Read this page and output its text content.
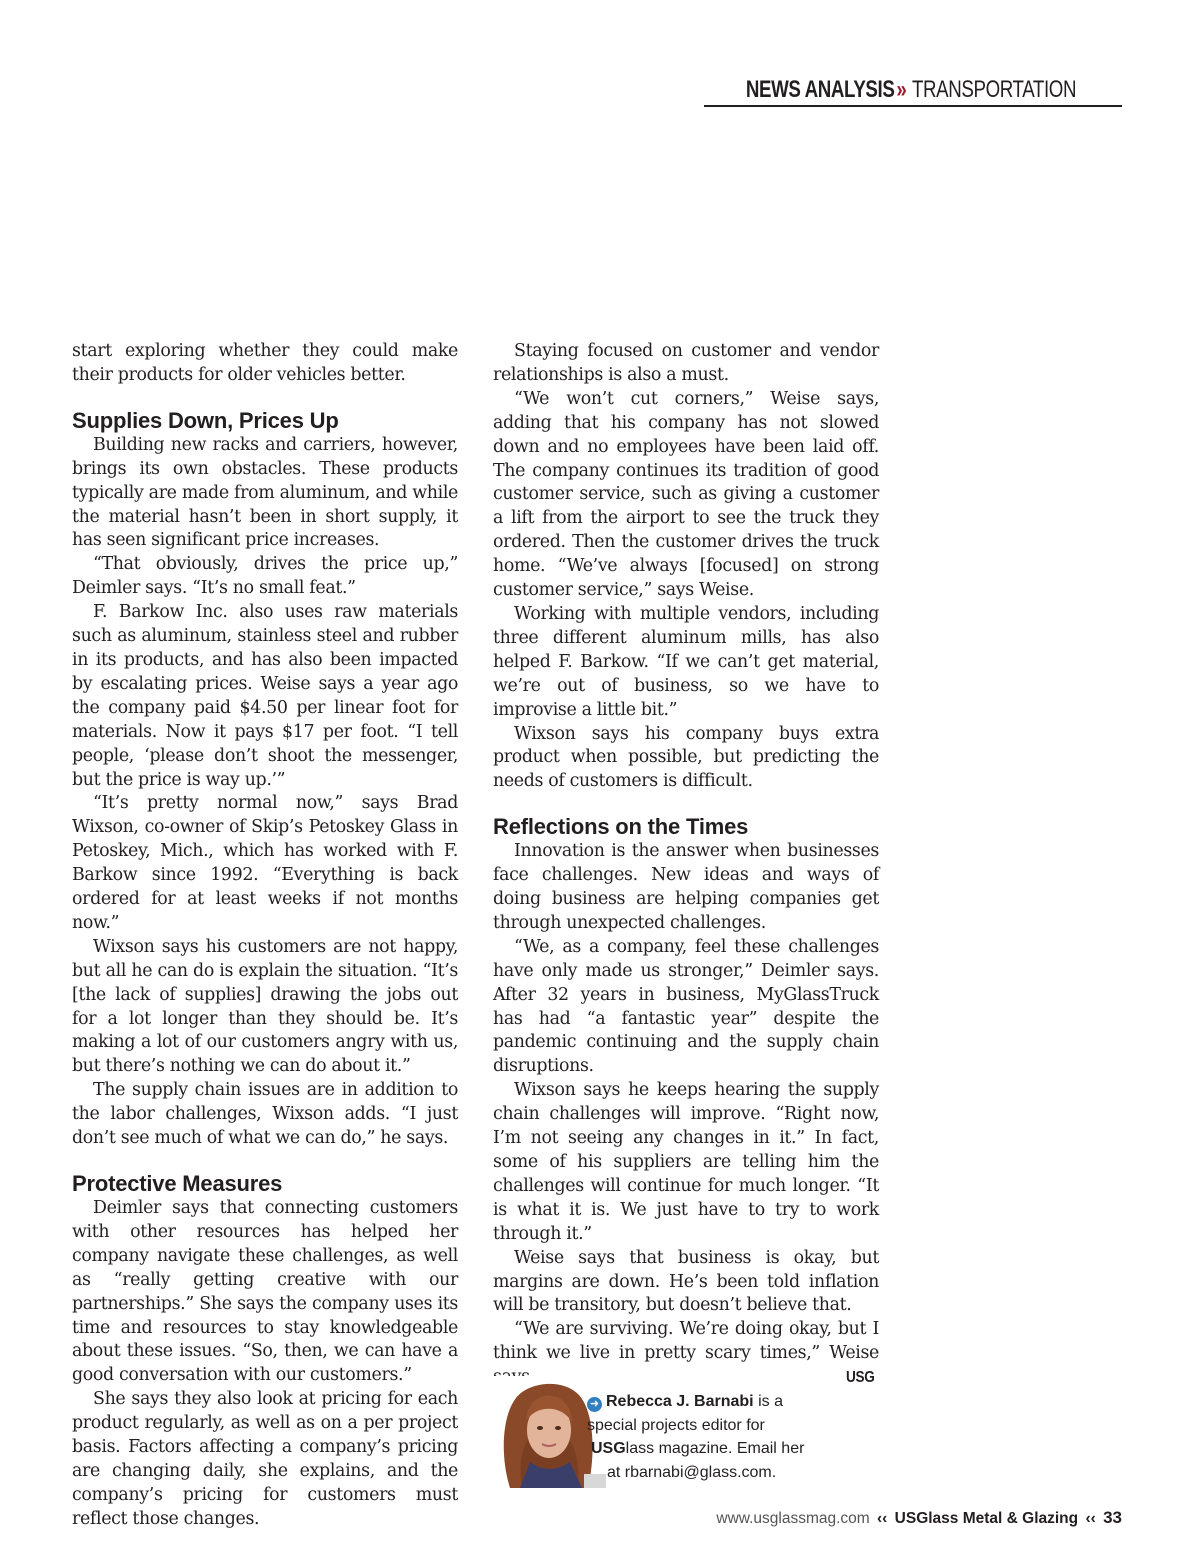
NEWS ANALYSIS » TRANSPORTATION

start exploring whether they could make their products for older vehicles better.

Supplies Down, Prices Up

Building new racks and carriers, however, brings its own obstacles. These products typically are made from aluminum, and while the material hasn’t been in short supply, it has seen significant price increases.

“That obviously, drives the price up,” Deimler says. “It’s no small feat.”

F. Barkow Inc. also uses raw materials such as aluminum, stainless steel and rubber in its products, and has also been impacted by escalating prices. Weise says a year ago the company paid $4.50 per linear foot for materials. Now it pays $17 per foot. “I tell people, ‘please don’t shoot the messenger, but the price is way up.’”

“It’s pretty normal now,” says Brad Wixson, co-owner of Skip’s Petoskey Glass in Petoskey, Mich., which has worked with F. Barkow since 1992. “Everything is back ordered for at least weeks if not months now.”

Wixson says his customers are not happy, but all he can do is explain the situation. “It’s [the lack of supplies] drawing the jobs out for a lot longer than they should be. It’s making a lot of our customers angry with us, but there’s nothing we can do about it.”

The supply chain issues are in addition to the labor challenges, Wixson adds. “I just don’t see much of what we can do,” he says.

Protective Measures

Deimler says that connecting customers with other resources has helped her company navigate these challenges, as well as “really getting creative with our partnerships.” She says the company uses its time and resources to stay knowledgeable about these issues. “So, then, we can have a good conversation with our customers.”

She says they also look at pricing for each product regularly, as well as on a per project basis. Factors affecting a company’s pricing are changing daily, she explains, and the company’s pricing for customers must reflect those changes.

Staying focused on customer and vendor relationships is also a must.

“We won’t cut corners,” Weise says, adding that his company has not slowed down and no employees have been laid off. The company continues its tradition of good customer service, such as giving a customer a lift from the airport to see the truck they ordered. Then the customer drives the truck home. “We’ve always [focused] on strong customer service,” says Weise.

Working with multiple vendors, including three different aluminum mills, has also helped F. Barkow. “If we can’t get material, we’re out of business, so we have to improvise a little bit.”

Wixson says his company buys extra product when possible, but predicting the needs of customers is difficult.

Reflections on the Times

Innovation is the answer when businesses face challenges. New ideas and ways of doing business are helping companies get through unexpected challenges.

“We, as a company, feel these challenges have only made us stronger,” Deimler says. After 32 years in business, MyGlassTruck has had “a fantastic year” despite the pandemic continuing and the supply chain disruptions.

Wixson says he keeps hearing the supply chain challenges will improve. “Right now, I’m not seeing any changes in it.” In fact, some of his suppliers are telling him the challenges will continue for much longer. “It is what it is. We just have to try to work through it.”

Weise says that business is okay, but margins are down. He’s been told inflation will be transitory, but doesn’t believe that.

“We are surviving. We’re doing okay, but I think we live in pretty scary times,” Weise
USG

➜ Rebecca J. Barnabi is a
special projects editor for
USGlass magazine. Email her
at rbarnabi@glass.com.
www.usglassmag.com ‹‹ USGlass Metal & Glazing ‹‹ 33
